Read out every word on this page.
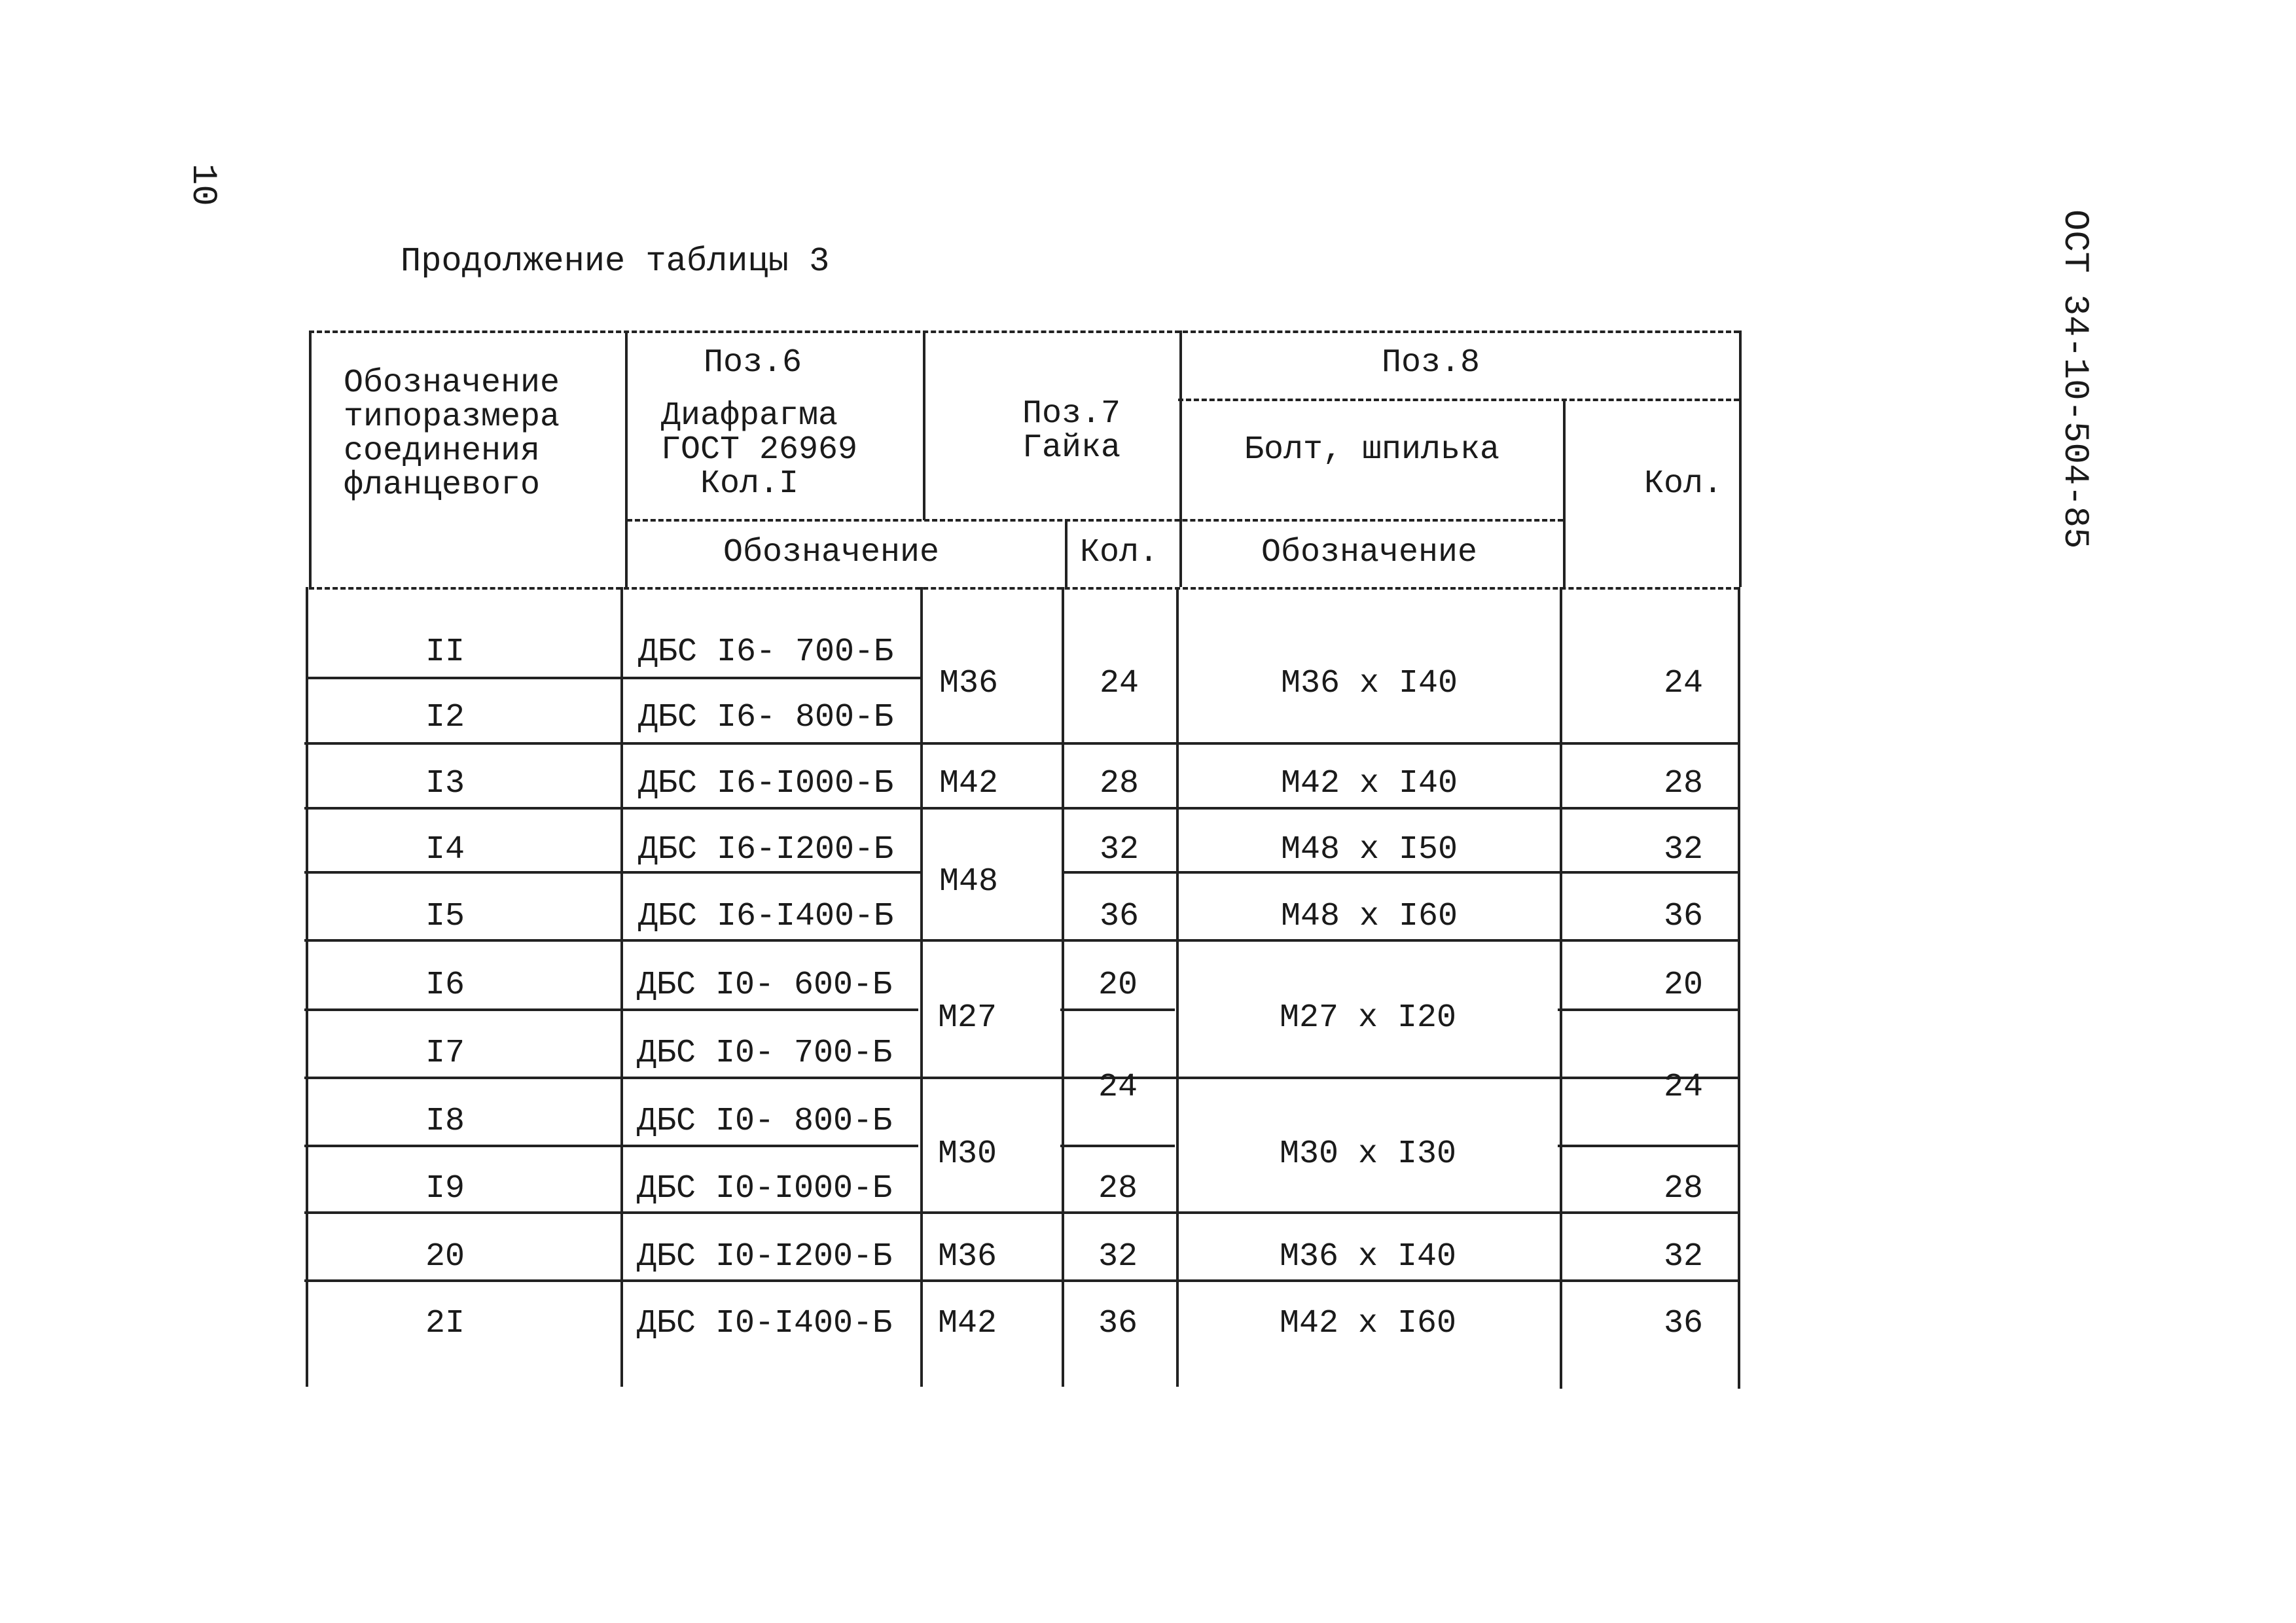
10
ОСТ 34-10-504-85
Продолжение таблицы 3
Обозначение
типоразмера
соединения
фланцевого
Поз.6
Диафрагма
ГОСТ 26969
Кол.I
Поз.7
Гайка
Поз.8
Болт, шпилька
Кол.
Обозначение	Кол.	Обозначение
II
I2
I3
I4
I5
I6
I7
I8
I9
20
2I
ДБС I6- 700-Б
ДБС I6- 800-Б
ДБС I6-I000-Б
ДБС I6-I200-Б
ДБС I6-I400-Б
ДБС I0- 600-Б
ДБС I0- 700-Б
ДБС I0- 800-Б
ДБС I0-I000-Б
ДБС I0-I200-Б
ДБС I0-I400-Б
M36
M42
M48
M27
M30
M36
M42
24
28
32
36
20
24
28
32
36
M36 x I40
M42 x I40
M48 x I50
M48 x I60
M27 x I20
M30 x I30
M36 x I40
M42 x I60
24
28
32
36
20
24
28
32
36
